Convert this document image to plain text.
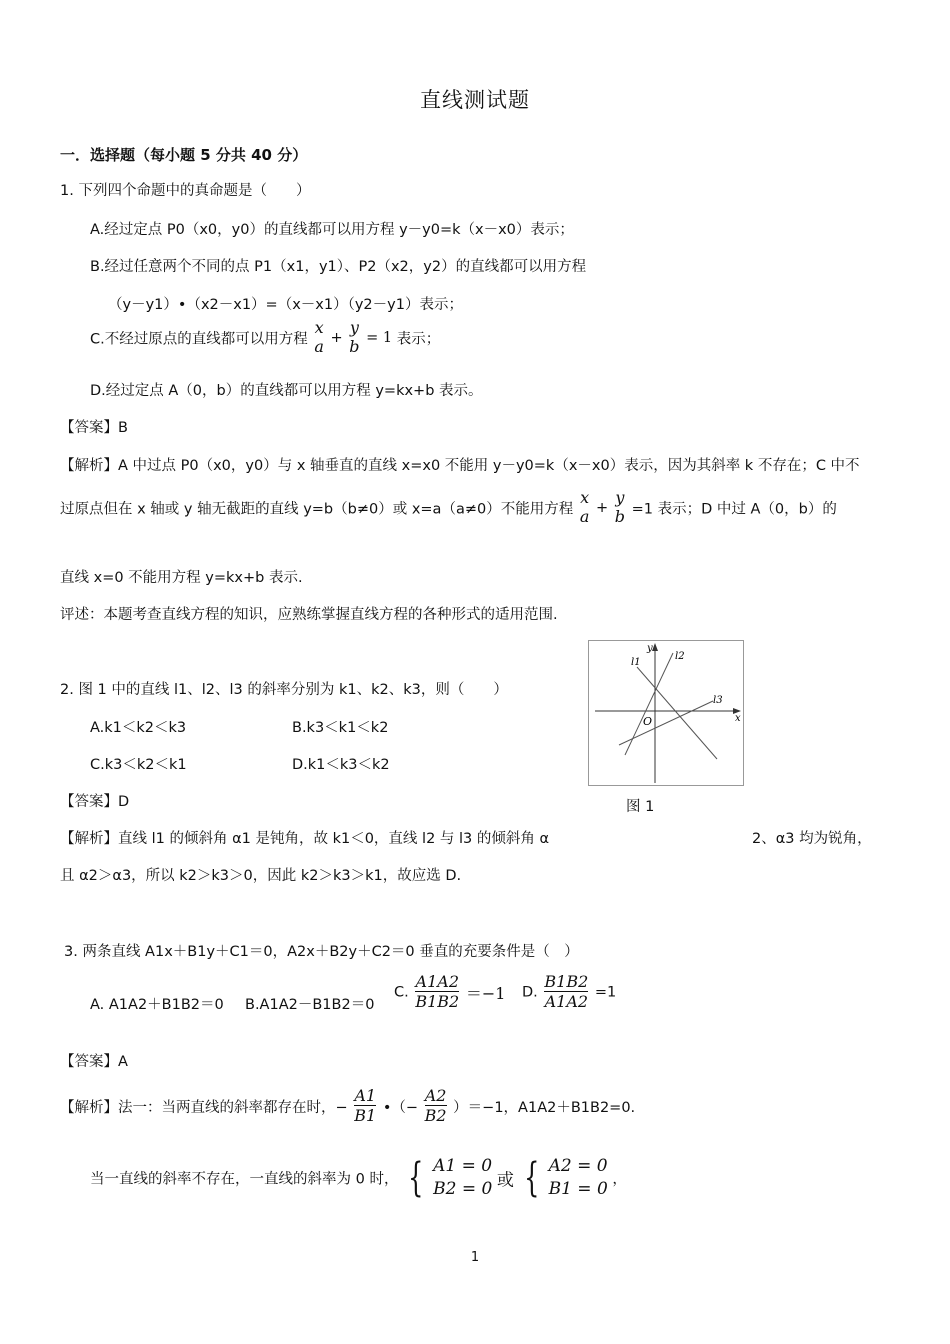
直线测试题
一．选择题（每小题 5 分共 40 分）
1. 下列四个命题中的真命题是（　　）
A.经过定点 P0（x0，y0）的直线都可以用方程 y－y0=k（x－x0）表示；
B.经过任意两个不同的点 P1（x1，y1）、P2（x2，y2）的直线都可以用方程
（y－y1）•（x2－x1）=（x－x1）（y2－y1）表示；
C.不经过原点的直线都可以用方程
x
a +
y
b = 1 表示；
D.经过定点 A（0，b）的直线都可以用方程 y=kx+b 表示。
【答案】B
【解析】A 中过点 P0（x0，y0）与 x 轴垂直的直线 x=x0 不能用 y－y0=k（x－x0）表示，因为其斜率 k 不存在；C 中不
过原点但在 x 轴或 y 轴无截距的直线 y=b（b≠0）或 x=a（a≠0）不能用方程
x
a +
y
b =1 表示；D 中过 A（0，b）的
直线 x=0 不能用方程 y=kx+b 表示.
评述：本题考查直线方程的知识，应熟练掌握直线方程的各种形式的适用范围.
2. 图 1 中的直线 l1、l2、l3 的斜率分别为 k1、k2、k3，则（　　）
A.k1＜k2＜k3	B.k3＜k1＜k2
C.k3＜k2＜k1	D.k1＜k3＜k2
【答案】D
y
x
O
l1
l2
l3
图 1
【解析】直线 l1 的倾斜角 α1 是钝角，故 k1＜0，直线 l2 与 l3 的倾斜角 α	2、α3 均为锐角，
且 α2＞α3，所以 k2＞k3＞0，因此 k2＞k3＞k1，故应选 D.
3. 两条直线 A1x＋B1y＋C1＝0，A2x＋B2y＋C2＝0 垂直的充要条件是（　）
A. A1A2＋B1B2＝0 B.A1A2－B1B2＝0
C. $\frac{A1A2}{B1B2} =-1$ D. $\frac{B1B2}{A1A2} =1$
【答案】A
【解析】法一：当两直线的斜率都存在时，− $\frac{A1}{B1}$ •（− $\frac{A2}{B2} )=-1$，A1A2＋B1B2=0.
当一直线的斜率不存在，一直线的斜率为 0 时， { A1 = 0
B2 = 0 或 { A2 = 0
B1 = 0 ，
1
